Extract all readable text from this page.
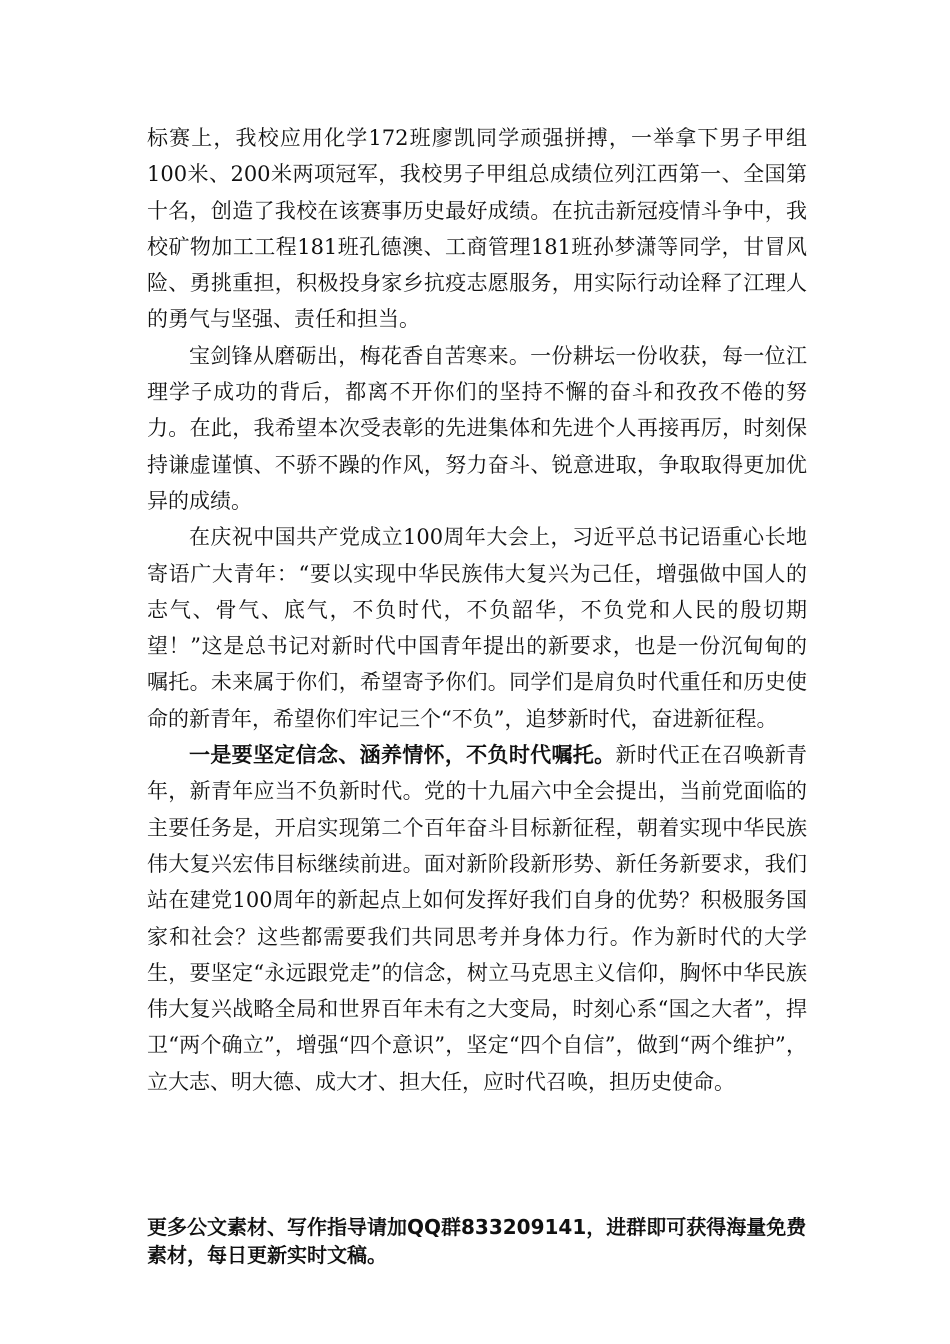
标赛上，我校应用化学172班廖凯同学顽强拼搏，一举拿下男子甲组100米、200米两项冠军，我校男子甲组总成绩位列江西第一、全国第十名，创造了我校在该赛事历史最好成绩。在抗击新冠疫情斗争中，我校矿物加工工程181班孔德澳、工商管理181班孙梦潇等同学，甘冒风险、勇挑重担，积极投身家乡抗疫志愿服务，用实际行动诠释了江理人的勇气与坚强、责任和担当。

宝剑锋从磨砺出，梅花香自苦寒来。一份耕坛一份收获，每一位江理学子成功的背后，都离不开你们的坚持不懈的奋斗和孜孜不倦的努力。在此，我希望本次受表彰的先进集体和先进个人再接再厉，时刻保持谦虚谨慎、不骄不躁的作风，努力奋斗、锐意进取，争取取得更加优异的成绩。

在庆祝中国共产党成立100周年大会上，习近平总书记语重心长地寄语广大青年：“要以实现中华民族伟大复兴为己任，增强做中国人的志气、骨气、底气，不负时代，不负韶华，不负党和人民的殷切期望！”这是总书记对新时代中国青年提出的新要求，也是一份沉甸甸的嘱托。未来属于你们，希望寄予你们。同学们是肩负时代重任和历史使命的新青年，希望你们牢记三个“不负”，追梦新时代，奋进新征程。

一是要坚定信念、涵养情怀，不负时代嘱托。新时代正在召唤新青年，新青年应当不负新时代。党的十九届六中全会提出，当前党面临的主要任务是，开启实现第二个百年奋斗目标新征程，朝着实现中华民族伟大复兴宏伟目标继续前进。面对新阶段新形势、新任务新要求，我们站在建党100周年的新起点上如何发挥好我们自身的优势？积极服务国家和社会？这些都需要我们共同思考并身体力行。作为新时代的大学生，要坚定“永远跟党走”的信念，树立马克思主义信仰，胸怀中华民族伟大复兴战略全局和世界百年未有之大变局，时刻心系“国之大者”，捍卫“两个确立”，增强“四个意识”，坚定“四个自信”，做到“两个维护”，立大志、明大德、成大才、担大任，应时代召唤，担历史使命。

更多公文素材、写作指导请加QQ群833209141，进群即可获得海量免费素材，每日更新实时文稿。
